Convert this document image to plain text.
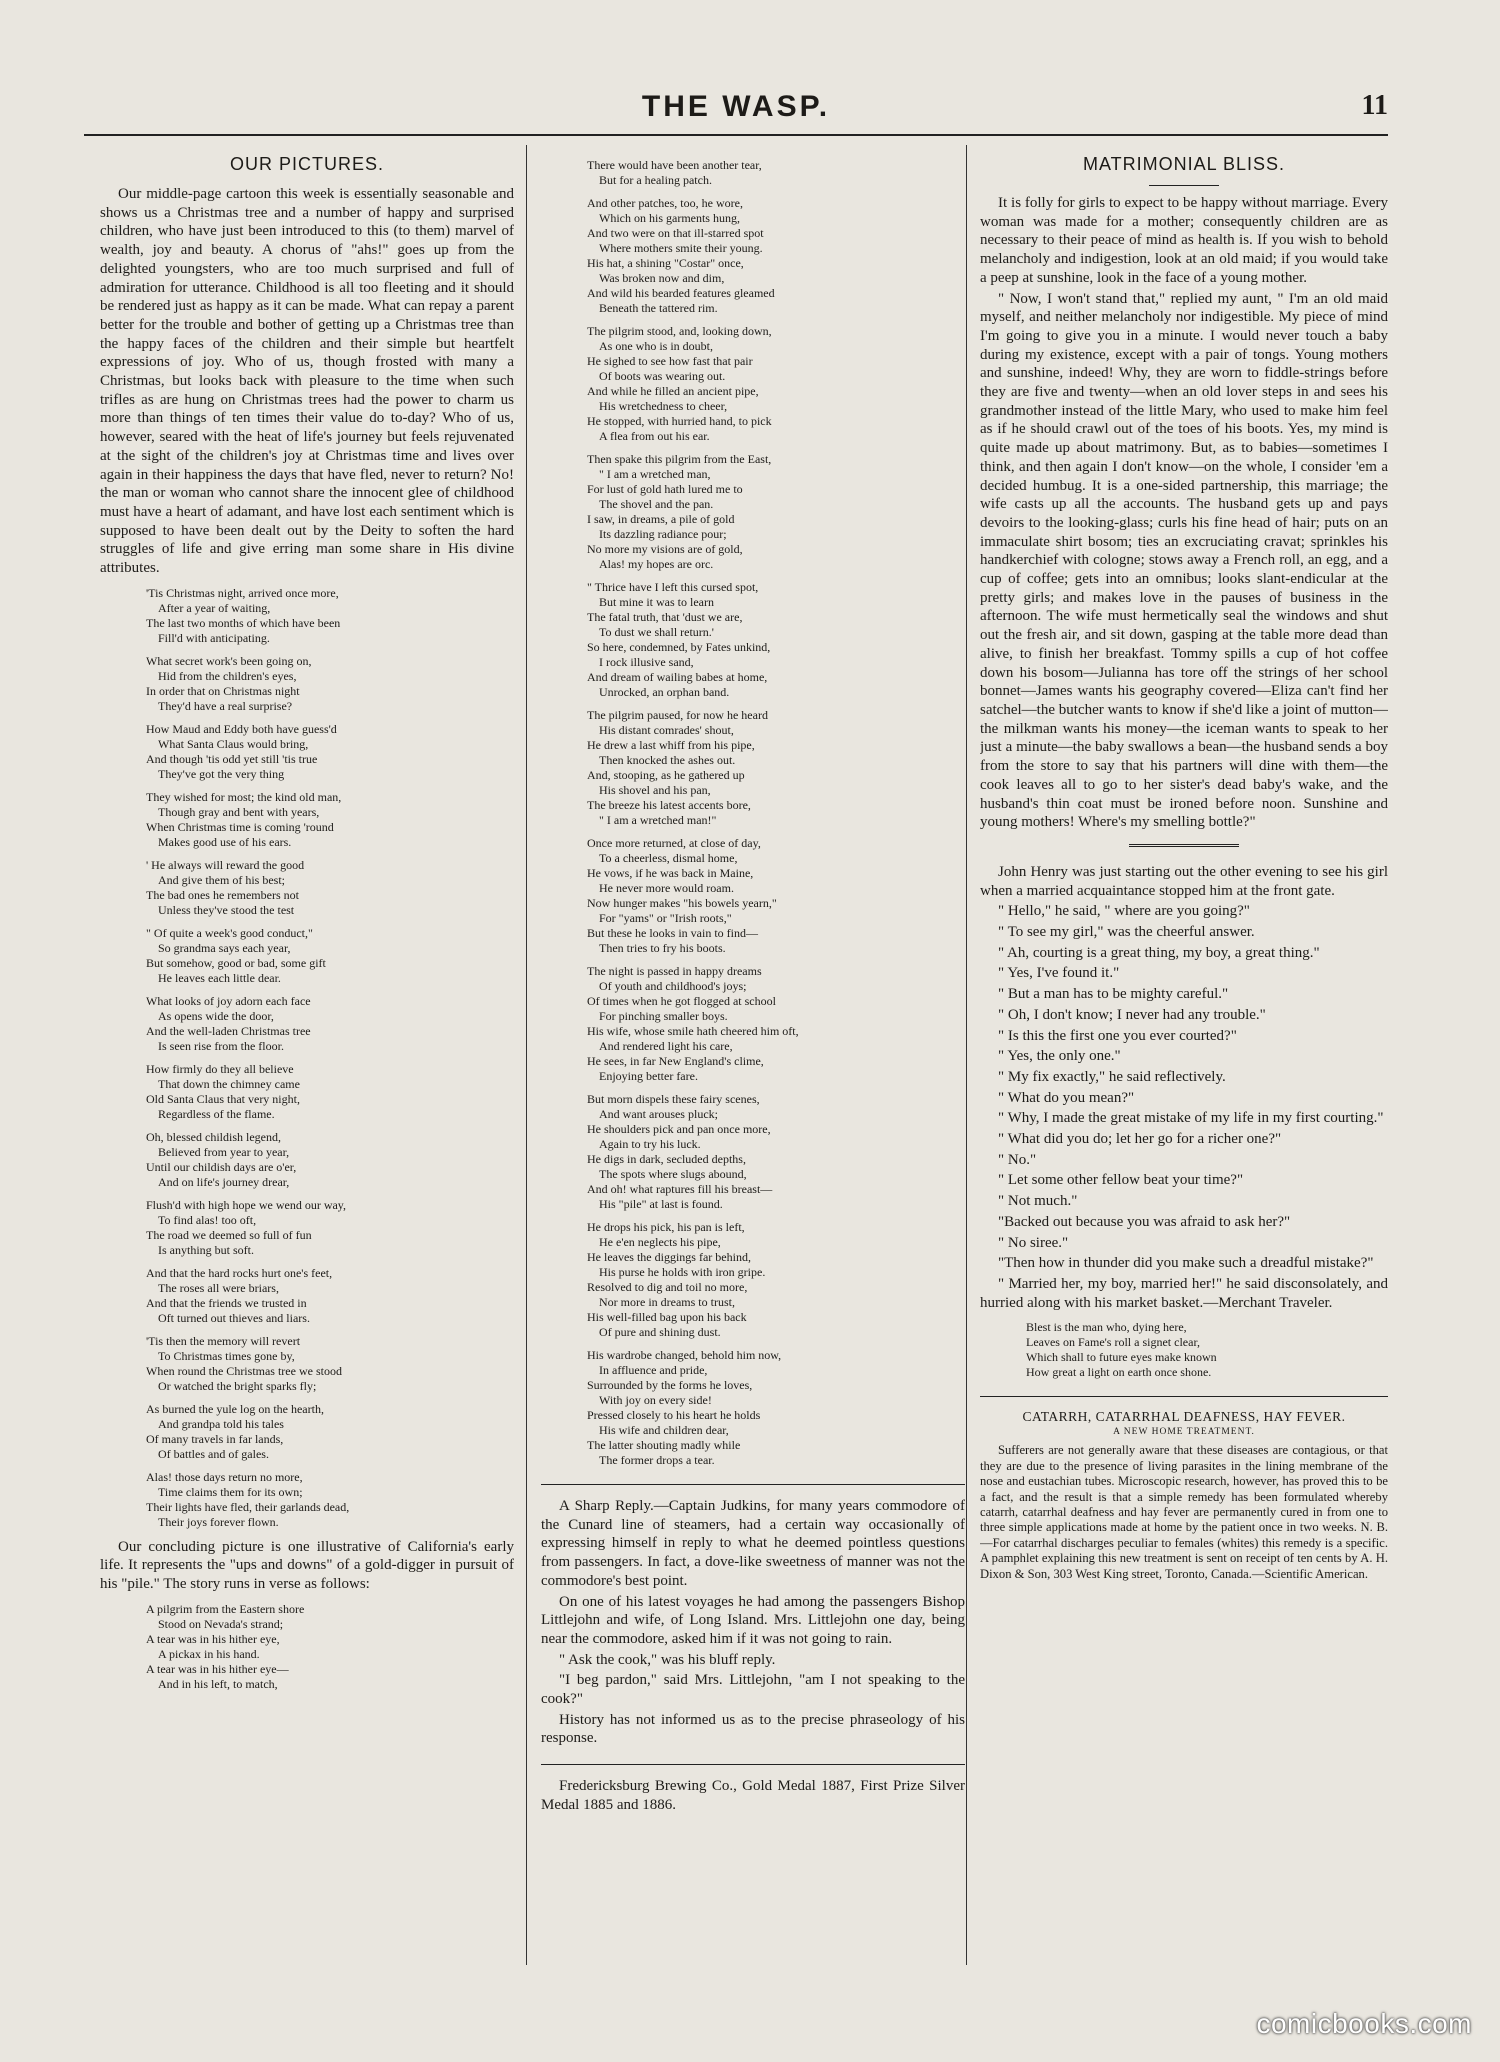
THE WASP.	11
OUR PICTURES.

Our middle-page cartoon this week is essentially seasonable and shows us a Christmas tree and a number of happy and surprised children, who have just been introduced to this (to them) marvel of wealth, joy and beauty. A chorus of "ahs!" goes up from the delighted youngsters, who are too much surprised and full of admiration for utterance. Childhood is all too fleeting and it should be rendered just as happy as it can be made. What can repay a parent better for the trouble and bother of getting up a Christmas tree than the happy faces of the children and their simple but heartfelt expressions of joy. Who of us, though frosted with many a Christmas, but looks back with pleasure to the time when such trifles as are hung on Christmas trees had the power to charm us more than things of ten times their value do to-day? Who of us, however, seared with the heat of life's journey but feels rejuvenated at the sight of the children's joy at Christmas time and lives over again in their happiness the days that have fled, never to return? No! the man or woman who cannot share the innocent glee of childhood must have a heart of adamant, and have lost each sentiment which is supposed to have been dealt out by the Deity to soften the hard struggles of life and give erring man some share in His divine attributes.

'Tis Christmas night, arrived once more,
After a year of waiting,
The last two months of which have been
Fill'd with anticipating.
What secret work's been going on,
Hid from the children's eyes,
In order that on Christmas night
They'd have a real surprise?
How Maud and Eddy both have guess'd
What Santa Claus would bring,
And though 'tis odd yet still 'tis true
They've got the very thing
They wished for most; the kind old man,
Though gray and bent with years,
When Christmas time is coming 'round
Makes good use of his ears.
' He always will reward the good
And give them of his best;
The bad ones he remembers not
Unless they've stood the test
" Of quite a week's good conduct,"
So grandma says each year,
But somehow, good or bad, some gift
He leaves each little dear.
What looks of joy adorn each face
As opens wide the door,
And the well-laden Christmas tree
Is seen rise from the floor.
How firmly do they all believe
That down the chimney came
Old Santa Claus that very night,
Regardless of the flame.
Oh, blessed childish legend,
Believed from year to year,
Until our childish days are o'er,
And on life's journey drear,
Flush'd with high hope we wend our way,
To find alas! too oft,
The road we deemed so full of fun
Is anything but soft.
And that the hard rocks hurt one's feet,
The roses all were briars,
And that the friends we trusted in
Oft turned out thieves and liars.
'Tis then the memory will revert
To Christmas times gone by,
When round the Christmas tree we stood
Or watched the bright sparks fly;
As burned the yule log on the hearth,
And grandpa told his tales
Of many travels in far lands,
Of battles and of gales.
Alas! those days return no more,
Time claims them for its own;
Their lights have fled, their garlands dead,
Their joys forever flown.

Our concluding picture is one illustrative of California's early life. It represents the "ups and downs" of a gold-digger in pursuit of his "pile." The story runs in verse as follows:

A pilgrim from the Eastern shore
Stood on Nevada's strand;
A tear was in his hither eye,
A pickax in his hand.
A tear was in his hither eye—
And in his left, to match,
There would have been another tear,
But for a healing patch.
And other patches, too, he wore,
Which on his garments hung,
And two were on that ill-starred spot
Where mothers smite their young.
His hat, a shining "Costar" once,
Was broken now and dim,
And wild his bearded features gleamed
Beneath the tattered rim.
The pilgrim stood, and, looking down,
As one who is in doubt,
He sighed to see how fast that pair
Of boots was wearing out.
And while he filled an ancient pipe,
His wretchedness to cheer,
He stopped, with hurried hand, to pick
A flea from out his ear.
Then spake this pilgrim from the East,
" I am a wretched man,
For lust of gold hath lured me to
The shovel and the pan.
I saw, in dreams, a pile of gold
Its dazzling radiance pour;
No more my visions are of gold,
Alas! my hopes are orc.
" Thrice have I left this cursed spot,
But mine it was to learn
The fatal truth, that 'dust we are,
To dust we shall return.'
So here, condemned, by Fates unkind,
I rock illusive sand,
And dream of wailing babes at home,
Unrocked, an orphan band.
The pilgrim paused, for now he heard
His distant comrades' shout,
He drew a last whiff from his pipe,
Then knocked the ashes out.
And, stooping, as he gathered up
His shovel and his pan,
The breeze his latest accents bore,
" I am a wretched man!"
Once more returned, at close of day,
To a cheerless, dismal home,
He vows, if he was back in Maine,
He never more would roam.
Now hunger makes "his bowels yearn,"
For "yams" or "Irish roots,"
But these he looks in vain to find—
Then tries to fry his boots.
The night is passed in happy dreams
Of youth and childhood's joys;
Of times when he got flogged at school
For pinching smaller boys.
His wife, whose smile hath cheered him oft,
And rendered light his care,
He sees, in far New England's clime,
Enjoying better fare.
But morn dispels these fairy scenes,
And want arouses pluck;
He shoulders pick and pan once more,
Again to try his luck.
He digs in dark, secluded depths,
The spots where slugs abound,
And oh! what raptures fill his breast—
His "pile" at last is found.
He drops his pick, his pan is left,
He e'en neglects his pipe,
He leaves the diggings far behind,
His purse he holds with iron gripe.
Resolved to dig and toil no more,
Nor more in dreams to trust,
His well-filled bag upon his back
Of pure and shining dust.
His wardrobe changed, behold him now,
In affluence and pride,
Surrounded by the forms he loves,
With joy on every side!
Pressed closely to his heart he holds
His wife and children dear,
The latter shouting madly while
The former drops a tear.

A Sharp Reply.—Captain Judkins, for many years commodore of the Cunard line of steamers, had a certain way occasionally of expressing himself in reply to what he deemed pointless questions from passengers. In fact, a dove-like sweetness of manner was not the commodore's best point.

On one of his latest voyages he had among the passengers Bishop Littlejohn and wife, of Long Island. Mrs. Littlejohn one day, being near the commodore, asked him if it was not going to rain.

" Ask the cook," was his bluff reply.

"I beg pardon," said Mrs. Littlejohn, "am I not speaking to the cook?"

History has not informed us as to the precise phraseology of his response.

Fredericksburg Brewing Co., Gold Medal 1887, First Prize Silver Medal 1885 and 1886.

MATRIMONIAL BLISS.

It is folly for girls to expect to be happy without marriage. Every woman was made for a mother; consequently children are as necessary to their peace of mind as health is. If you wish to behold melancholy and indigestion, look at an old maid; if you would take a peep at sunshine, look in the face of a young mother.

" Now, I won't stand that," replied my aunt, " I'm an old maid myself, and neither melancholy nor indigestible. My piece of mind I'm going to give you in a minute. I would never touch a baby during my existence, except with a pair of tongs. Young mothers and sunshine, indeed! Why, they are worn to fiddle-strings before they are five and twenty—when an old lover steps in and sees his grandmother instead of the little Mary, who used to make him feel as if he should crawl out of the toes of his boots. Yes, my mind is quite made up about matrimony. But, as to babies—sometimes I think, and then again I don't know—on the whole, I consider 'em a decided humbug. It is a one-sided partnership, this marriage; the wife casts up all the accounts. The husband gets up and pays devoirs to the looking-glass; curls his fine head of hair; puts on an immaculate shirt bosom; ties an excruciating cravat; sprinkles his handkerchief with cologne; stows away a French roll, an egg, and a cup of coffee; gets into an omnibus; looks slant-endicular at the pretty girls; and makes love in the pauses of business in the afternoon. The wife must hermetically seal the windows and shut out the fresh air, and sit down, gasping at the table more dead than alive, to finish her breakfast. Tommy spills a cup of hot coffee down his bosom—Julianna has tore off the strings of her school bonnet—James wants his geography covered—Eliza can't find her satchel—the butcher wants to know if she'd like a joint of mutton—the milkman wants his money—the iceman wants to speak to her just a minute—the baby swallows a bean—the husband sends a boy from the store to say that his partners will dine with them—the cook leaves all to go to her sister's dead baby's wake, and the husband's thin coat must be ironed before noon. Sunshine and young mothers! Where's my smelling bottle?"

John Henry was just starting out the other evening to see his girl when a married acquaintance stopped him at the front gate.

" Hello," he said, " where are you going?"

" To see my girl," was the cheerful answer.

" Ah, courting is a great thing, my boy, a great thing."

" Yes, I've found it."

" But a man has to be mighty careful."

" Oh, I don't know; I never had any trouble."

" Is this the first one you ever courted?"

" Yes, the only one."

" My fix exactly," he said reflectively.

" What do you mean?"

" Why, I made the great mistake of my life in my first courting."

" What did you do; let her go for a richer one?"

" No."

" Let some other fellow beat your time?"

" Not much."

"Backed out because you was afraid to ask her?"

" No siree."

"Then how in thunder did you make such a dreadful mistake?"

" Married her, my boy, married her!" he said disconsolately, and hurried along with his market basket.—Merchant Traveler.

Blest is the man who, dying here,
Leaves on Fame's roll a signet clear,
Which shall to future eyes make known
How great a light on earth once shone.
CATARRH, CATARRHAL DEAFNESS, HAY FEVER.
A NEW HOME TREATMENT.

Sufferers are not generally aware that these diseases are contagious, or that they are due to the presence of living parasites in the lining membrane of the nose and eustachian tubes. Microscopic research, however, has proved this to be a fact, and the result is that a simple remedy has been formulated whereby catarrh, catarrhal deafness and hay fever are permanently cured in from one to three simple applications made at home by the patient once in two weeks. N. B.—For catarrhal discharges peculiar to females (whites) this remedy is a specific. A pamphlet explaining this new treatment is sent on receipt of ten cents by A. H. Dixon & Son, 303 West King street, Toronto, Canada.—Scientific American.

comicbooks.com
